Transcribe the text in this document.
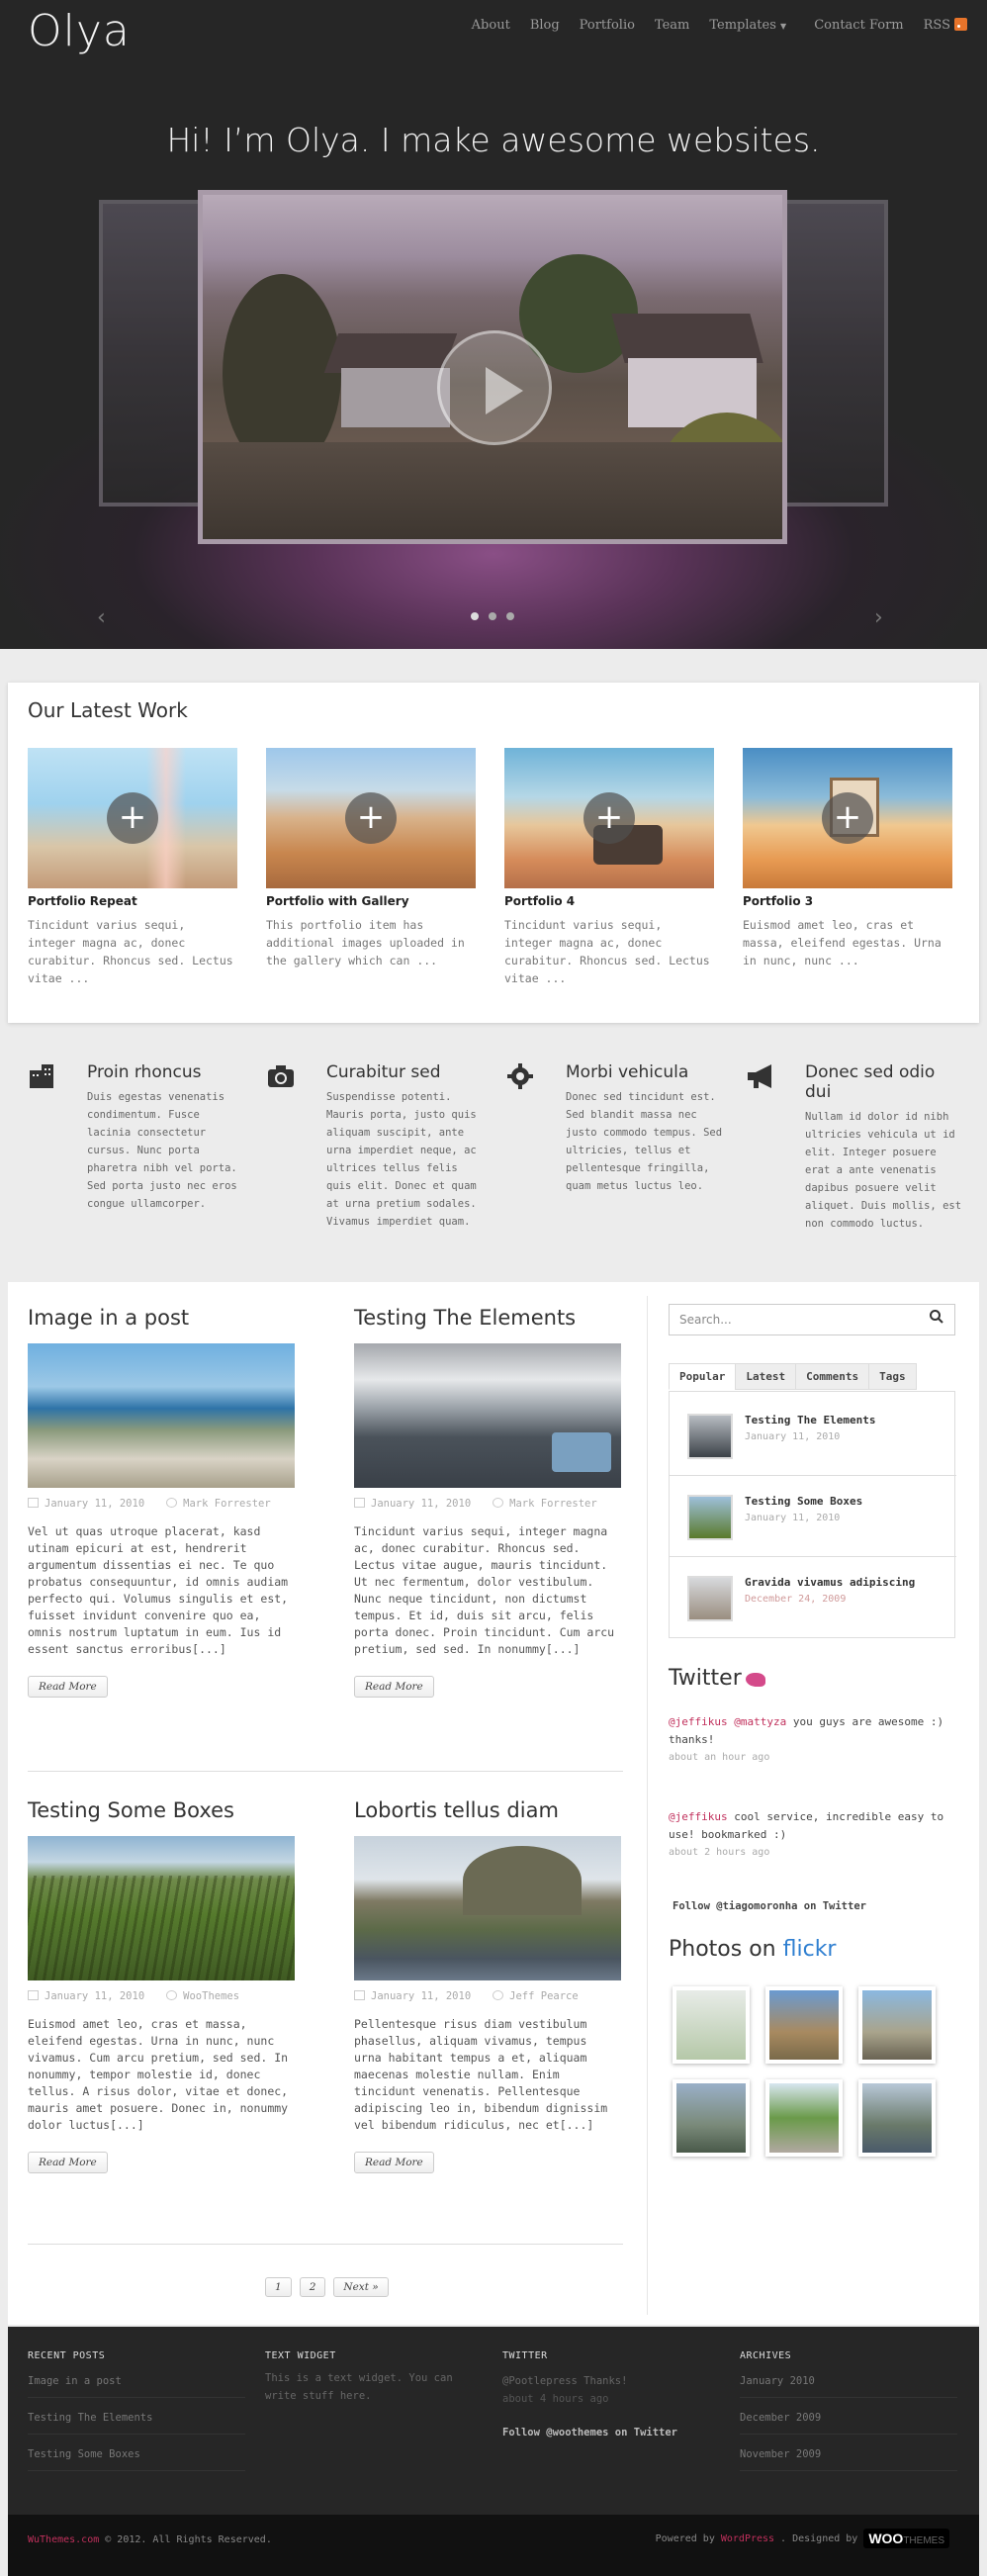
Olya	About Blog Portfolio Team Templates ▼ Contact Form RSS
Hi! I’m Olya. I make awesome websites.
‹	›
Our Latest Work
+
Portfolio Repeat

Tincidunt varius sequi, integer magna ac, donec curabitur. Rhoncus sed. Lectus vitae ...

+
Portfolio with Gallery

This portfolio item has additional images uploaded in the gallery which can ...

+
Portfolio 4

Tincidunt varius sequi, integer magna ac, donec curabitur. Rhoncus sed. Lectus vitae ...

+
Portfolio 3

Euismod amet leo, cras et massa, eleifend egestas. Urna in nunc, nunc ...

Proin rhoncus

Duis egestas venenatis condimentum. Fusce lacinia consectetur cursus. Nunc porta pharetra nibh vel porta. Sed porta justo nec eros congue ullamcorper.

Curabitur sed

Suspendisse potenti. Mauris porta, justo quis aliquam suscipit, ante urna imperdiet neque, ac ultrices tellus felis quis elit. Donec et quam at urna pretium sodales. Vivamus imperdiet quam.

Morbi vehicula

Donec sed tincidunt est. Sed blandit massa nec justo commodo tempus. Sed ultricies, tellus et pellentesque fringilla, quam metus luctus leo.

Donec sed odio dui

Nullam id dolor id nibh ultricies vehicula ut id elit. Integer posuere erat a ante venenatis dapibus posuere velit aliquet. Duis mollis, est non commodo luctus.

Image in a post
January 11, 2010	Mark Forrester

Vel ut quas utroque placerat, kasd utinam epicuri at est, hendrerit argumentum dissentias ei nec. Te quo probatus consequuntur, id omnis audiam perfecto qui. Volumus singulis et est, fuisset invidunt convenire quo ea, omnis nostrum luptatum in eum. Ius id essent sanctus erroribus[...]

Read More
Testing The Elements
January 11, 2010	Mark Forrester

Tincidunt varius sequi, integer magna ac, donec curabitur. Rhoncus sed. Lectus vitae augue, mauris tincidunt. Ut nec fermentum, dolor vestibulum. Nunc neque tincidunt, non dictumst tempus. Et id, duis sit arcu, felis porta donec. Proin tincidunt. Cum arcu pretium, sed sed. In nonummy[...]

Read More
Testing Some Boxes
January 11, 2010	WooThemes

Euismod amet leo, cras et massa, eleifend egestas. Urna in nunc, nunc vivamus. Cum arcu pretium, sed sed. In nonummy, tempor molestie id, donec tellus. A risus dolor, vitae et donec, mauris amet posuere. Donec in, nonummy dolor luctus[...]

Read More
Lobortis tellus diam
January 11, 2010	Jeff Pearce

Pellentesque risus diam vestibulum phasellus, aliquam vivamus, tempus urna habitant tempus a et, aliquam maecenas molestie nullam. Enim tincidunt venenatis. Pellentesque adipiscing leo in, bibendum dignissim vel bibendum ridiculus, nec et[...]

Read More
1	2	Next »
Search...
Popular	Latest	Comments	Tags
Testing The Elements
January 11, 2010
Testing Some Boxes
January 11, 2010
Gravida vivamus adipiscing
December 24, 2009
Twitter
@jeffikus @mattyza you guys are awesome :) thanks!
about an hour ago
@jeffikus cool service, incredible easy to use! bookmarked :)
about 2 hours ago
Follow @tiagomoronha on Twitter
Photos on flickr
RECENT POSTS
Image in a post
Testing The Elements
Testing Some Boxes
TEXT WIDGET
This is a text widget. You can write stuff here.
TWITTER
@Pootlepress Thanks!
about 4 hours ago
Follow @woothemes on Twitter
ARCHIVES
January 2010
December 2009
November 2009
WuThemes.com © 2012. All Rights Reserved.	Powered by WordPress . Designed by WOOTHEMES
